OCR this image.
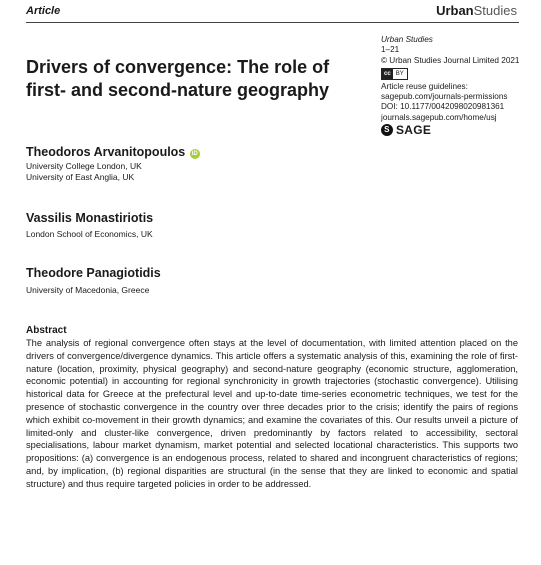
Article	UrbanStudies
Drivers of convergence: The role of first- and second-nature geography
Urban Studies
1–21
© Urban Studies Journal Limited 2021
cc BY
Article reuse guidelines:
sagepub.com/journals-permissions
DOI: 10.1177/0042098020981361
journals.sagepub.com/home/usj
S SAGE
Theodoros Arvanitopoulos iD
University College London, UK
University of East Anglia, UK
Vassilis Monastiriotis
London School of Economics, UK
Theodore Panagiotidis
University of Macedonia, Greece
Abstract

The analysis of regional convergence often stays at the level of documentation, with limited attention placed on the drivers of convergence/divergence dynamics. This article offers a systematic analysis of this, examining the role of first-nature (location, proximity, physical geography) and second-nature geography (economic structure, agglomeration, economic potential) in accounting for regional synchronicity in growth trajectories (stochastic convergence). Utilising historical data for Greece at the prefectural level and up-to-date time-series econometric techniques, we test for the presence of stochastic convergence in the country over three decades prior to the crisis; identify the pairs of regions which exhibit co-movement in their growth dynamics; and examine the covariates of this. Our results unveil a picture of limited-only and cluster-like convergence, driven predominantly by factors related to accessibility, sectoral specialisations, labour market dynamism, market potential and selected locational characteristics. This supports two propositions: (a) convergence is an endogenous process, related to shared and incongruent characteristics of regions; and, by implication, (b) regional disparities are structural (in the sense that they are linked to economic and spatial structure) and thus require targeted policies in order to be addressed.
